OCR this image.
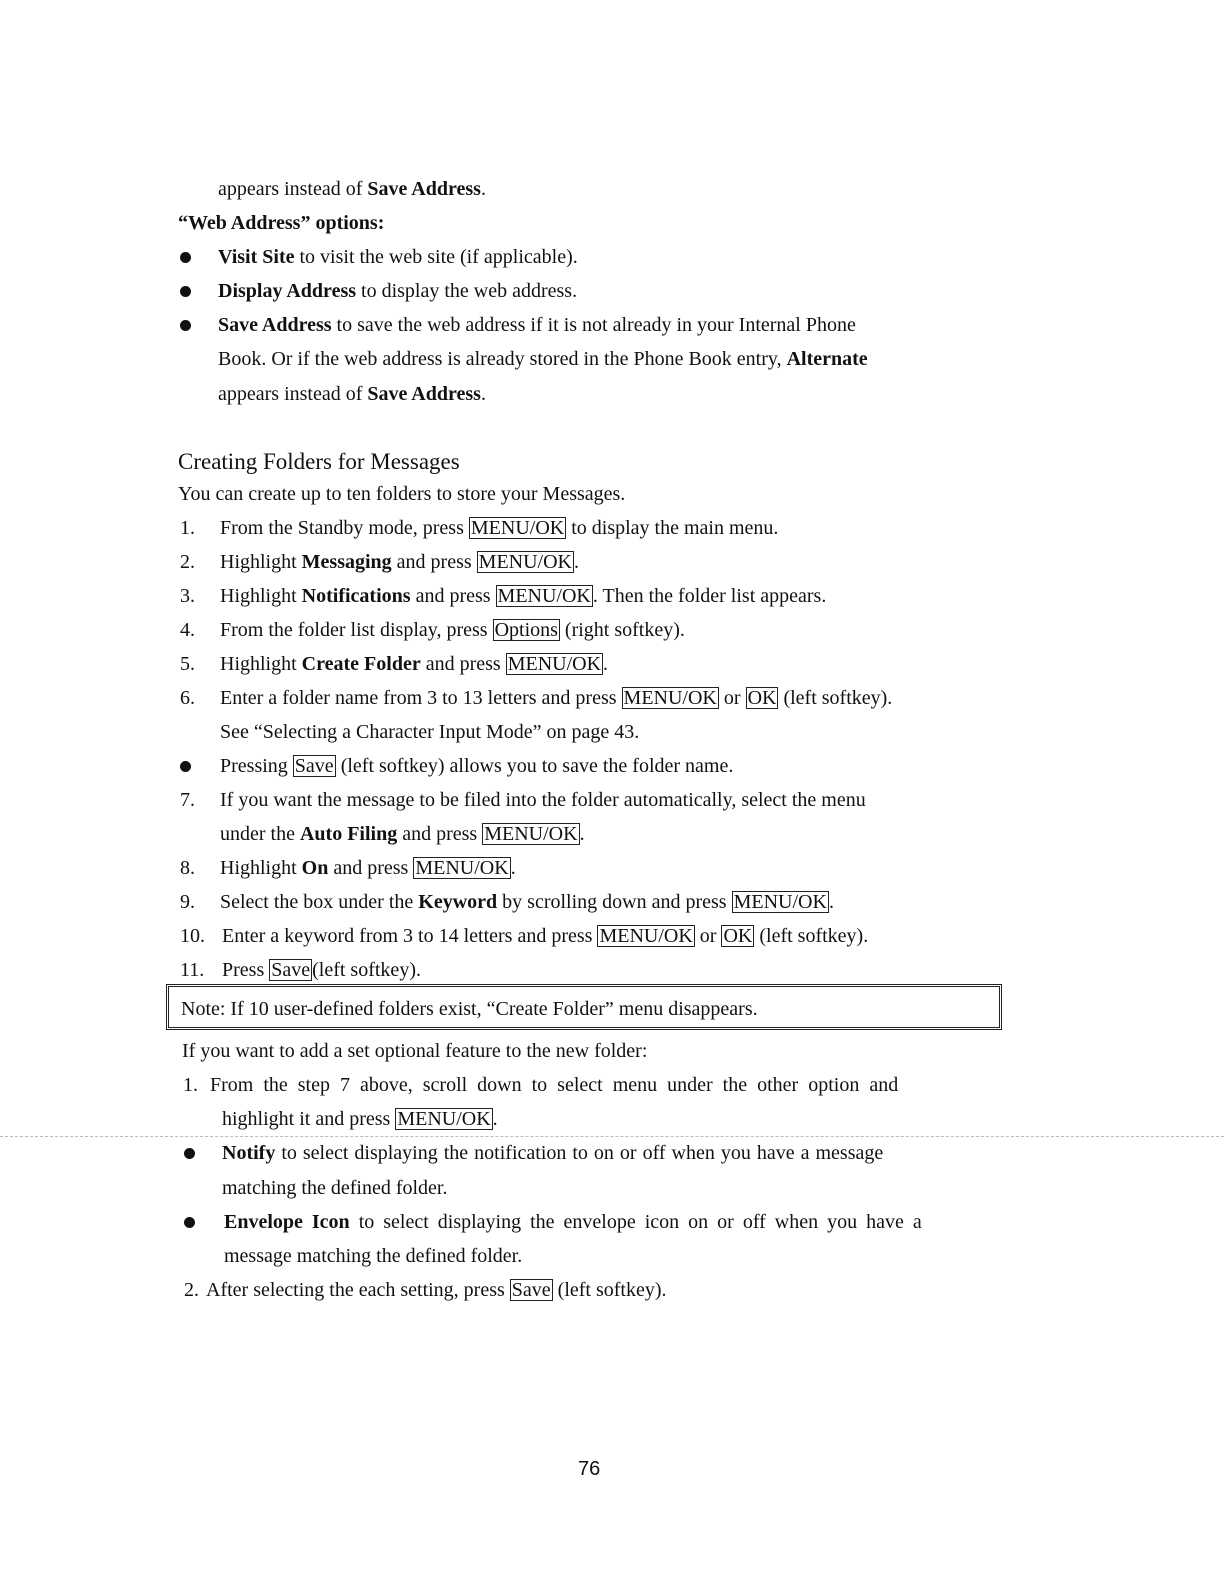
appears instead of Save Address.
“Web Address” options:
Visit Site to visit the web site (if applicable).
Display Address to display the web address.
Save Address to save the web address if it is not already in your Internal Phone
Book. Or if the web address is already stored in the Phone Book entry, Alternate
appears instead of Save Address.
Creating Folders for Messages
You can create up to ten folders to store your Messages.
1. From the Standby mode, press MENU/OK to display the main menu.
2. Highlight Messaging and press MENU/OK .
3. Highlight Notifications and press MENU/OK . Then the folder list appears.
4. From the folder list display, press Options (right softkey).
5. Highlight Create Folder and press MENU/OK .
6. Enter a folder name from 3 to 13 letters and press MENU/OK or OK (left softkey).
See “Selecting a Character Input Mode” on page 43.
Pressing Save (left softkey) allows you to save the folder name.
7. If you want the message to be filed into the folder automatically, select the menu
under the Auto Filing and press MENU/OK .
8. Highlight On and press MENU/OK .
9. Select the box under the Keyword by scrolling down and press MENU/OK .
10. Enter a keyword from 3 to 14 letters and press MENU/OK or OK (left softkey).
11. Press Save(left softkey).
Note: If 10 user-defined folders exist, “Create Folder” menu disappears.
If you want to add a set optional feature to the new folder:
1. From the step 7 above, scroll down to select menu under the other option and
highlight it and press MENU/OK .
Notify to select displaying the notification to on or off when you have a message
matching the defined folder.
Envelope Icon to select displaying the envelope icon on or off when you have a
message matching the defined folder.
2. After selecting the each setting, press Save (left softkey).
76
